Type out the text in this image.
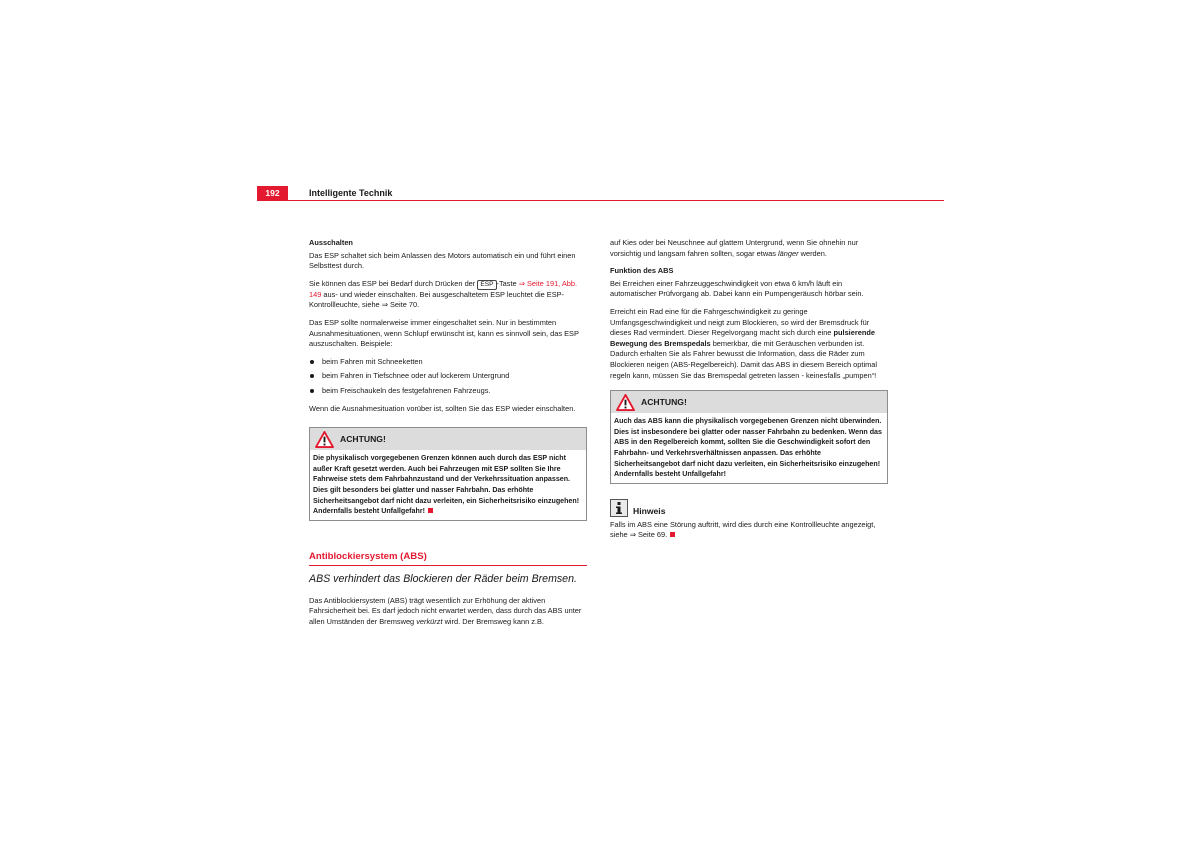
192	Intelligente Technik
Ausschalten

Das ESP schaltet sich beim Anlassen des Motors automatisch ein und führt einen Selbsttest durch.

Sie können das ESP bei Bedarf durch Drücken der ESP -Taste ⇒ Seite 191, Abb. 149 aus- und wieder einschalten. Bei ausgeschaltetem ESP leuchtet die ESP-Kontrollleuchte, siehe ⇒ Seite 70.

Das ESP sollte normalerweise immer eingeschaltet sein. Nur in bestimmten Ausnahmesituationen, wenn Schlupf erwünscht ist, kann es sinnvoll sein, das ESP auszuschalten. Beispiele:

beim Fahren mit Schneeketten
beim Fahren in Tiefschnee oder auf lockerem Untergrund
beim Freischaukeln des festgefahrenen Fahrzeugs.

Wenn die Ausnahmesituation vorüber ist, sollten Sie das ESP wieder einschalten.

ACHTUNG!
Die physikalisch vorgegebenen Grenzen können auch durch das ESP nicht außer Kraft gesetzt werden. Auch bei Fahrzeugen mit ESP sollten Sie Ihre Fahrweise stets dem Fahrbahnzustand und der Verkehrssituation anpassen. Dies gilt besonders bei glatter und nasser Fahrbahn. Das erhöhte Sicherheitsangebot darf nicht dazu verleiten, ein Sicherheitsrisiko einzugehen! Andernfalls besteht Unfallgefahr!
Antiblockiersystem (ABS)
ABS verhindert das Blockieren der Räder beim Bremsen.

Das Antiblockiersystem (ABS) trägt wesentlich zur Erhöhung der aktiven Fahrsicherheit bei. Es darf jedoch nicht erwartet werden, dass durch das ABS unter allen Umständen der Bremsweg verkürzt wird. Der Bremsweg kann z.B.

auf Kies oder bei Neuschnee auf glattem Untergrund, wenn Sie ohnehin nur vorsichtig und langsam fahren sollten, sogar etwas länger werden.

Funktion des ABS

Bei Erreichen einer Fahrzeuggeschwindigkeit von etwa 6 km/h läuft ein automatischer Prüfvorgang ab. Dabei kann ein Pumpengeräusch hörbar sein.

Erreicht ein Rad eine für die Fahrgeschwindigkeit zu geringe Umfangsgeschwindigkeit und neigt zum Blockieren, so wird der Bremsdruck für dieses Rad vermindert. Dieser Regelvorgang macht sich durch eine pulsierende Bewegung des Bremspedals bemerkbar, die mit Geräuschen verbunden ist. Dadurch erhalten Sie als Fahrer bewusst die Information, dass die Räder zum Blockieren neigen (ABS-Regelbereich). Damit das ABS in diesem Bereich optimal regeln kann, müssen Sie das Bremspedal getreten lassen - keinesfalls „pumpen“!

ACHTUNG!
Auch das ABS kann die physikalisch vorgegebenen Grenzen nicht überwinden. Dies ist insbesondere bei glatter oder nasser Fahrbahn zu bedenken. Wenn das ABS in den Regelbereich kommt, sollten Sie die Geschwindigkeit sofort den Fahrbahn- und Verkehrsverhältnissen anpassen. Das erhöhte Sicherheitsangebot darf nicht dazu verleiten, ein Sicherheitsrisiko einzugehen! Andernfalls besteht Unfallgefahr!
Hinweis

Falls im ABS eine Störung auftritt, wird dies durch eine Kontrollleuchte angezeigt, siehe ⇒ Seite 69.
